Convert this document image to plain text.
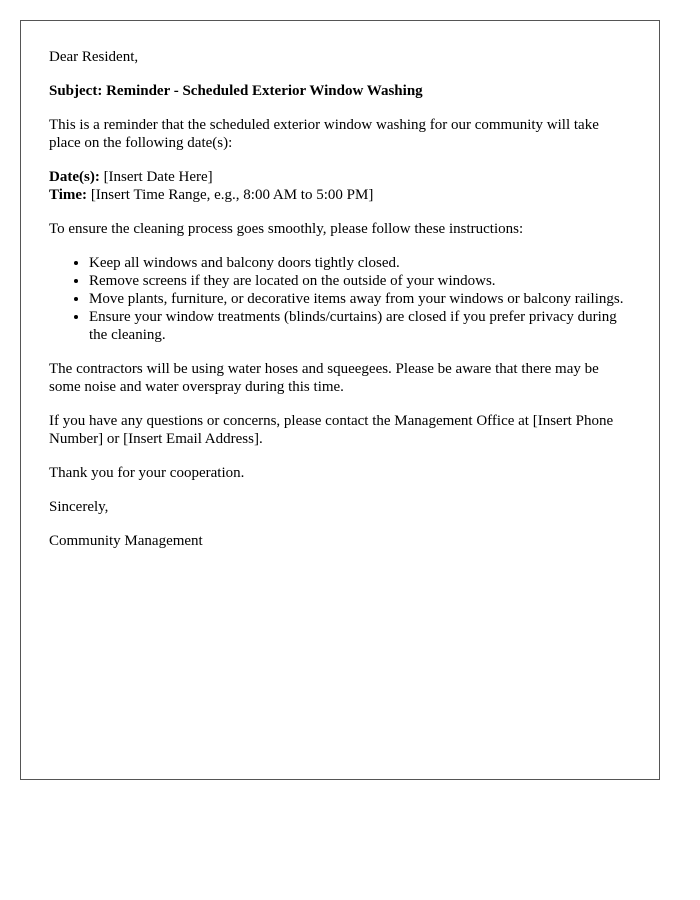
Dear Resident,

Subject: Reminder - Scheduled Exterior Window Washing

This is a reminder that the scheduled exterior window washing for our community will take place on the following date(s):

Date(s): [Insert Date Here]
Time: [Insert Time Range, e.g., 8:00 AM to 5:00 PM]

To ensure the cleaning process goes smoothly, please follow these instructions:

• Keep all windows and balcony doors tightly closed.
• Remove screens if they are located on the outside of your windows.
• Move plants, furniture, or decorative items away from your windows or balcony railings.
• Ensure your window treatments (blinds/curtains) are closed if you prefer privacy during the cleaning.

The contractors will be using water hoses and squeegees. Please be aware that there may be some noise and water overspray during this time.

If you have any questions or concerns, please contact the Management Office at [Insert Phone Number] or [Insert Email Address].

Thank you for your cooperation.

Sincerely,

Community Management
